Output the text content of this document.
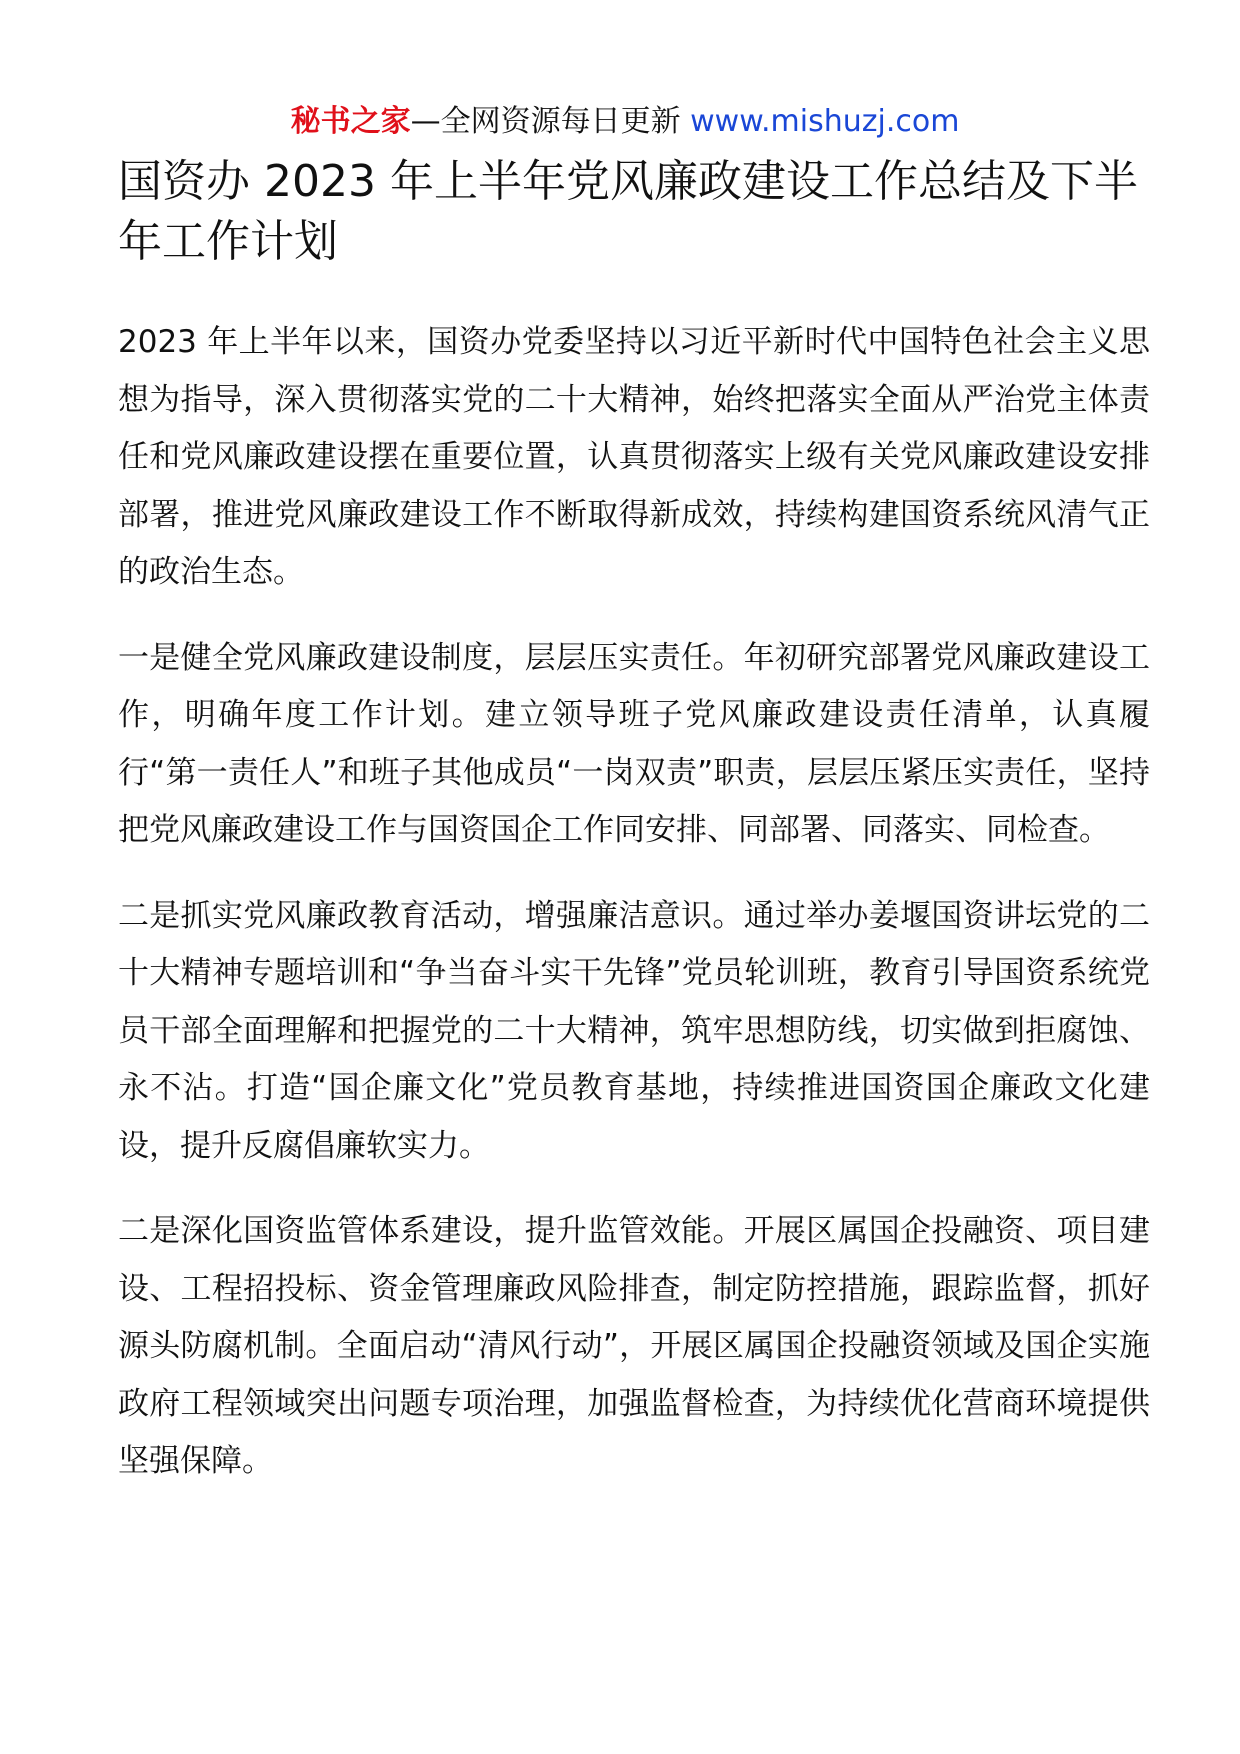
秘书之家—全网资源每日更新 www.mishuzj.com
国资办 2023 年上半年党风廉政建设工作总结及下半年工作计划

2023 年上半年以来，国资办党委坚持以习近平新时代中国特色社会主义思想为指导，深入贯彻落实党的二十大精神，始终把落实全面从严治党主体责任和党风廉政建设摆在重要位置，认真贯彻落实上级有关党风廉政建设安排部署，推进党风廉政建设工作不断取得新成效，持续构建国资系统风清气正的政治生态。

一是健全党风廉政建设制度，层层压实责任。年初研究部署党风廉政建设工作，明确年度工作计划。建立领导班子党风廉政建设责任清单，认真履行“第一责任人”和班子其他成员“一岗双责”职责，层层压紧压实责任，坚持把党风廉政建设工作与国资国企工作同安排、同部署、同落实、同检查。

二是抓实党风廉政教育活动，增强廉洁意识。通过举办姜堰国资讲坛党的二十大精神专题培训和“争当奋斗实干先锋”党员轮训班，教育引导国资系统党员干部全面理解和把握党的二十大精神，筑牢思想防线，切实做到拒腐蚀、永不沾。打造“国企廉文化”党员教育基地，持续推进国资国企廉政文化建设，提升反腐倡廉软实力。

二是深化国资监管体系建设，提升监管效能。开展区属国企投融资、项目建设、工程招投标、资金管理廉政风险排查，制定防控措施，跟踪监督，抓好源头防腐机制。全面启动“清风行动”，开展区属国企投融资领域及国企实施政府工程领域突出问题专项治理，加强监督检查，为持续优化营商环境提供坚强保障。
